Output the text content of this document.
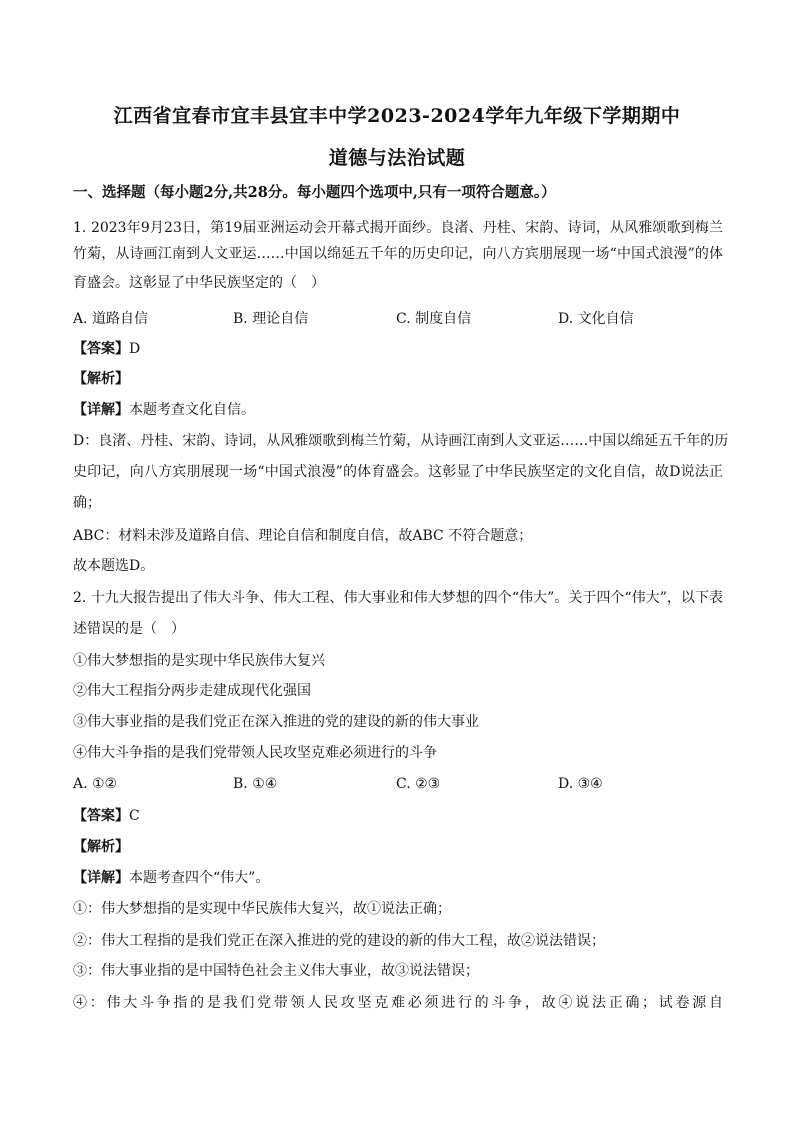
江西省宜春市宜丰县宜丰中学2023-2024学年九年级下学期期中
道德与法治试题
一、选择题（每小题2分,共28分。每小题四个选项中,只有一项符合题意。）
1. 2023年9月23日，第19届亚洲运动会开幕式揭开面纱。良渚、丹桂、宋韵、诗词，从风雅颂歌到梅兰
竹菊，从诗画江南到人文亚运……中国以绵延五千年的历史印记，向八方宾朋展现一场“中国式浪漫”的体
育盛会。这彰显了中华民族坚定的（　）
A. 道路自信	B. 理论自信	C. 制度自信	D. 文化自信
【答案】D
【解析】
【详解】本题考查文化自信。
D：良渚、丹桂、宋韵、诗词，从风雅颂歌到梅兰竹菊，从诗画江南到人文亚运……中国以绵延五千年的历
史印记，向八方宾朋展现一场“中国式浪漫”的体育盛会。这彰显了中华民族坚定的文化自信，故D说法正
确；
ABC：材料未涉及道路自信、理论自信和制度自信，故ABC 不符合题意；
故本题选D。
2. 十九大报告提出了伟大斗争、伟大工程、伟大事业和伟大梦想的四个“伟大”。关于四个“伟大”，以下表
述错误的是（　）
①伟大梦想指的是实现中华民族伟大复兴
②伟大工程指分两步走建成现代化强国
③伟大事业指的是我们党正在深入推进的党的建设的新的伟大事业
④伟大斗争指的是我们党带领人民攻坚克难必须进行的斗争
A. ①②	B. ①④	C. ②③	D. ③④
【答案】C
【解析】
【详解】本题考查四个“伟大”。
①：伟大梦想指的是实现中华民族伟大复兴，故①说法正确；
②：伟大工程指的是我们党正在深入推进的党的建设的新的伟大工程，故②说法错误；
③：伟大事业指的是中国特色社会主义伟大事业，故③说法错误；
④：伟大斗争指的是我们党带领人民攻坚克难必须进行的斗争，故④说法正确；试卷源自
